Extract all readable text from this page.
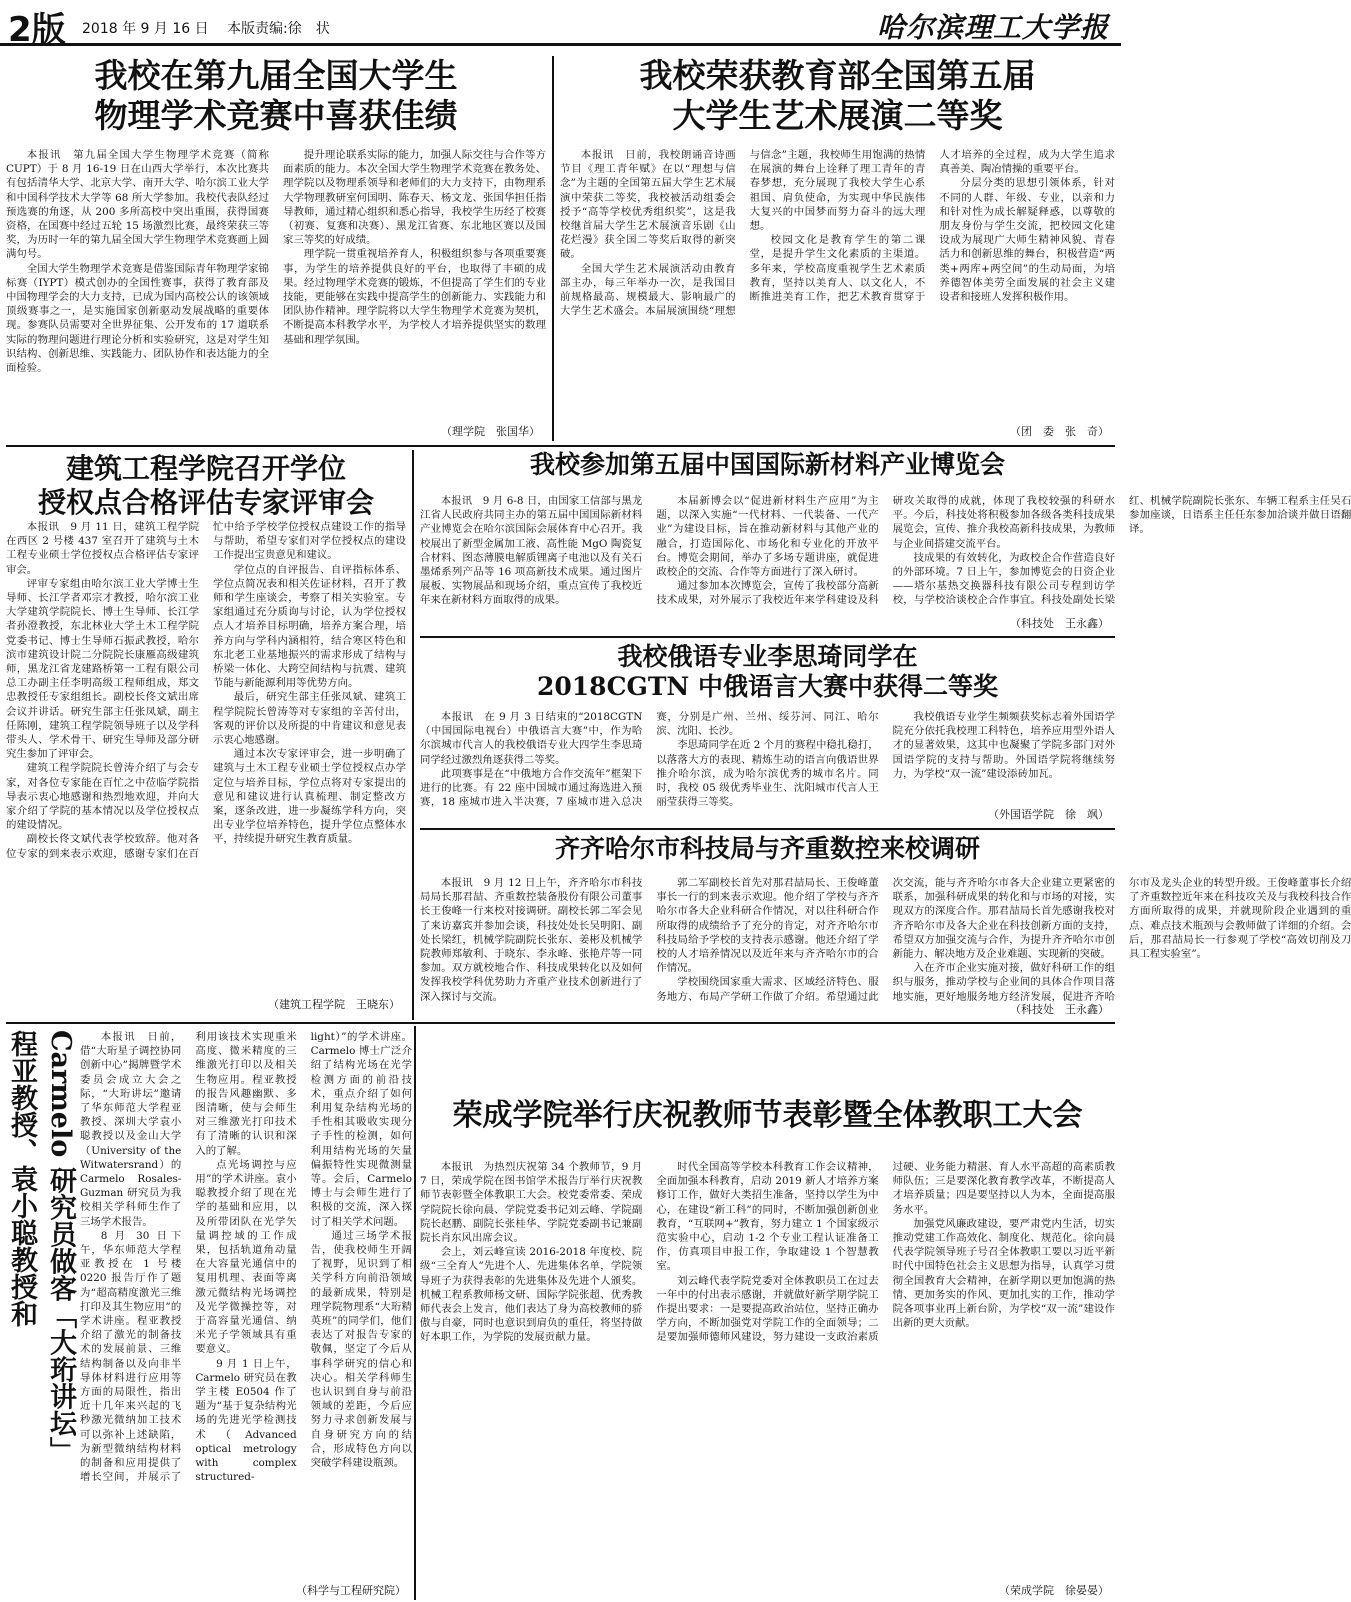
2版 2018 年 9 月 16 日 本版责编:徐　状	哈尔滨理工大学报
我校在第九届全国大学生
物理学术竞赛中喜获佳绩

本报讯　第九届全国大学生物理学术竞赛（简称CUPT）于 8 月 16-19 日在山西大学举行，本次比赛共有包括清华大学、北京大学、南开大学、哈尔滨工业大学和中国科学技术大学等 68 所大学参加。我校代表队经过预选赛的角逐，从 200 多所高校中突出重围，获得国赛资格，在国赛中经过五轮 15 场激烈比赛，最终荣获三等奖，为历时一年的第九届全国大学生物理学术竞赛画上圆满句号。

全国大学生物理学术竞赛是借鉴国际青年物理学家锦标赛（IYPT）模式创办的全国性赛事，获得了教育部及中国物理学会的大力支持，已成为国内高校公认的该领域顶级赛事之一，是实施国家创新驱动发展战略的重要体现。参赛队员需要对全世界征集、公开发布的 17 道联系实际的物理问题进行理论分析和实验研究，这是对学生知识结构、创新思维、实践能力、团队协作和表达能力的全面检验。

提升理论联系实际的能力，加强人际交往与合作等方面素质的能力。本次全国大学生物理学术竞赛在教务处、理学院以及物理系领导和老师们的大力支持下，由物理系大学物理教研室何国明、陈春天、杨文龙、张国华担任指导教师，通过精心组织和悉心指导，我校学生历经了校赛（初赛、复赛和决赛）、黑龙江省赛、东北地区赛以及国家三等奖的好成绩。

理学院一贯重视培养育人，积极组织参与各项重要赛事，为学生的培养提供良好的平台，也取得了丰硕的成果。经过物理学术竞赛的锻炼，不但提高了学生们的专业技能，更能够在实践中提高学生的创新能力、实践能力和团队协作精神。理学院将以大学生物理学术竞赛为契机，不断提高本科教学水平，为学校人才培养提供坚实的数理基础和理学氛围。

（理学院　张国华）
我校荣获教育部全国第五届
大学生艺术展演二等奖

本报讯　日前，我校朗诵音诗画节目《理工青年赋》在以“理想与信念”为主题的全国第五届大学生艺术展演中荣获二等奖，我校被活动组委会授予“高等学校优秀组织奖”，这是我校继首届大学生艺术展演音乐剧《山花烂漫》获全国二等奖后取得的新突破。

全国大学生艺术展演活动由教育部主办，每三年举办一次，是我国目前规格最高、规模最大、影响最广的大学生艺术盛会。本届展演围绕“理想与信念”主题，我校师生用饱满的热情在展演的舞台上诠释了理工青年的青春梦想，充分展现了我校大学生心系祖国、肩负使命，为实现中华民族伟大复兴的中国梦而努力奋斗的远大理想。

校园文化是教育学生的第二课堂，是提升学生文化素质的主渠道。多年来，学校高度重视学生艺术素质教育，坚持以美育人、以文化人，不断推进美育工作，把艺术教育贯穿于人才培养的全过程，成为大学生追求真善美、陶冶情操的重要平台。

分层分类的思想引领体系，针对不同的人群、年级、专业，以亲和力和针对性为成长解疑释惑，以尊敬的朋友身份与学生交流，把校园文化建设成为展现广大师生精神风貌、青春活力和创新思维的舞台，积极营造“两类+两库+两空间”的生动局面，为培养德智体美劳全面发展的社会主义建设者和接班人发挥积极作用。

（团　委　张　奇）
建筑工程学院召开学位
授权点合格评估专家评审会

本报讯　9 月 11 日，建筑工程学院在西区 2 号楼 437 室召开了建筑与土木工程专业硕士学位授权点合格评估专家评审会。

评审专家组由哈尔滨工业大学博士生导师、长江学者邓宗才教授，哈尔滨工业大学建筑学院院长、博士生导师、长江学者孙澄教授，东北林业大学土木工程学院党委书记、博士生导师石振武教授，哈尔滨市建筑设计院二分院院长康雁高级建筑师，黑龙江省龙建路桥第一工程有限公司总工办副主任李明高级工程师组成，郑文忠教授任专家组组长。副校长佟文斌出席会议并讲话。研究生部主任张凤斌，副主任陈刚，建筑工程学院领导班子以及学科带头人、学术骨干、研究生导师及部分研究生参加了评审会。

建筑工程学院院长曾涛介绍了与会专家，对各位专家能在百忙之中莅临学院指导表示衷心地感谢和热烈地欢迎，并向大家介绍了学院的基本情况以及学位授权点的建设情况。

副校长佟文斌代表学校致辞。他对各位专家的到来表示欢迎，感谢专家们在百忙中给予学校学位授权点建设工作的指导与帮助，希望专家们对学位授权点的建设工作提出宝贵意见和建议。

学位点的自评报告、自评指标体系、学位点简况表和相关佐证材料，召开了教师和学生座谈会，考察了相关实验室。专家组通过充分质询与讨论，认为学位授权点人才培养目标明确，培养方案合理，培养方向与学科内涵相符，结合寒区特色和东北老工业基地振兴的需求形成了结构与桥梁一体化、大跨空间结构与抗震、建筑节能与新能源利用等优势方向。

最后，研究生部主任张凤斌、建筑工程学院院长曾涛等对专家组的辛苦付出，客观的评价以及所提的中肯建议和意见表示衷心地感谢。

通过本次专家评审会，进一步明确了建筑与土木工程专业硕士学位授权点办学定位与培养目标，学位点将对专家提出的意见和建议进行认真梳理、制定整改方案，逐条改进，进一步凝练学科方向，突出专业学位培养特色，提升学位点整体水平，持续提升研究生教育质量。

（建筑工程学院　王晓东）
我校参加第五届中国国际新材料产业博览会

本报讯　9 月 6-8 日，由国家工信部与黑龙江省人民政府共同主办的第五届中国国际新材料产业博览会在哈尔滨国际会展体育中心召开。我校展出了新型金属加工液、高性能 MgO 陶瓷复合材料、图态薄膜电解质锂离子电池以及有关石墨烯系列产品等 16 项高新技术成果。通过图片展板、实物展品和现场介绍，重点宣传了我校近年来在新材料方面取得的成果。

本届新博会以“促进新材料生产应用”为主题，以深入实施“一代材料、一代装备、一代产业”为建设目标，旨在推动新材料与其他产业的融合，打造国际化、市场化和专业化的开放平台。博览会期间，举办了多场专题讲座，就促进政校企的交流、合作等方面进行了深入研讨。

通过参加本次博览会，宣传了我校部分高新技术成果，对外展示了我校近年来学科建设及科研攻关取得的成就，体现了我校较强的科研水平。今后，科技处将积极参加各级各类科技成果展览会，宣传、推介我校高新科技成果，为教师与企业间搭建交流平台。

技成果的有效转化，为政校企合作营造良好的外部环境。7 日上午，参加博览会的日资企业——塔尔基热交换器科技有限公司专程到访学校，与学校洽谈校企合作事宜。科技处副处长梁红、机械学院副院长张东、车辆工程系主任吴石参加座谈，日语系主任任东参加洽谈并做日语翻译。

（科技处　王永鑫）
我校俄语专业李思琦同学在
2018CGTN 中俄语言大赛中获得二等奖

本报讯　在 9 月 3 日结束的“2018CGTN（中国国际电视台）中俄语言大赛”中，作为哈尔滨城市代言人的我校俄语专业大四学生李思琦同学经过激烈角逐获得二等奖。

此项赛事是在“中俄地方合作交流年”框架下进行的比赛。有 22 座中国城市通过海选进入预赛，18 座城市进入半决赛，7 座城市进入总决赛，分别是广州、兰州、绥芬河、同江、哈尔滨、沈阳、长沙。

李思琦同学在近 2 个月的赛程中稳扎稳打，以落落大方的表现、精炼生动的语言向俄语世界推介哈尔滨，成为哈尔滨优秀的城市名片。同时，我校 05 级优秀毕业生、沈阳城市代言人王丽莹获得三等奖。

我校俄语专业学生频频获奖标志着外国语学院充分依托我校理工科特色，培养应用型外语人才的显著效果，这其中也凝聚了学院多部门对外国语学院的支持与帮助。外国语学院将继续努力，为学校“双一流”建设添砖加瓦。

（外国语学院　徐　飒）
齐齐哈尔市科技局与齐重数控来校调研

本报讯　9 月 12 日上午，齐齐哈尔市科技局局长那君喆、齐重数控装备股份有限公司董事长王俊峰一行来校对接调研。副校长郭二军会见了来访嘉宾并参加会谈，科技处处长吴明阳、副处长梁红，机械学院副院长张东、姜彬及机械学院教师郑敏利、于晓东、李永峰、张艳芹等一同参加。双方就校地合作、科技成果转化以及如何发挥我校学科优势助力齐重产业技术创新进行了深入探讨与交流。

郭二军副校长首先对那君喆局长、王俊峰董事长一行的到来表示欢迎。他介绍了学校与齐齐哈尔市各大企业科研合作情况，对以往科研合作所取得的成绩给予了充分的肯定，对齐齐哈尔市科技局给予学校的支持表示感谢。他还介绍了学校的人才培养情况以及近年来与齐齐哈尔市的合作情况。

学校围绕国家重大需求、区域经济特色、服务地方、布局产学研工作做了介绍。希望通过此次交流，能与齐齐哈尔市各大企业建立更紧密的联系，加强科研成果的转化和与市场的对接，实现双方的深度合作。那君喆局长首先感谢我校对齐齐哈尔市及各大企业在科技创新方面的支持，希望双方加强交流与合作，为提升齐齐哈尔市创新能力、解决地方及企业难题、实现新的突破。

入在齐市企业实施对接，做好科研工作的组织与服务，推动学校与企业间的具体合作项目落地实施，更好地服务地方经济发展，促进齐齐哈尔市及龙头企业的转型升级。王俊峰董事长介绍了齐重数控近年来在科技攻关及与我校科技合作方面所取得的成果，并就现阶段企业遇到的重点、难点技术瓶颈与会教师做了详细的介绍。会后，那君喆局长一行参观了学校“高效切削及刀具工程实验室”。

（科技处　王永鑫）
Carmelo 研究员做客「大珩讲坛」
程亚教授、袁小聪教授和	本报讯　日前，借“大珩星子调控协同创新中心”揭牌暨学术委员会成立大会之际，“大珩讲坛”邀请了华东师范大学程亚教授、深圳大学袁小聪教授以及金山大学（University of the Witwatersrand）的 Carmelo Rosales-Guzman 研究员为我校相关学科师生作了三场学术报告。

8 月 30 日下午，华东师范大学程亚教授在 1 号楼 0220 报告厅作了题为“超高精度激光三维打印及其生物应用”的学术讲座。程亚教授介绍了激光的制备技术的发展前景、三维结构制备以及向非半导体材料进行应用等方面的局限性，指出近十几年来兴起的飞秒激光微纳加工技术可以弥补上述缺陷，为新型微纳结构材料的制备和应用提供了增长空间，并展示了利用该技术实现重米高度、微米精度的三维激光打印以及相关生物应用。程亚教授的报告风趣幽默、多图清晰，使与会师生对三维激光打印技术有了清晰的认识和深入的了解。

点光场调控与应用”的学术讲座。袁小聪教授介绍了现在光学的基础和应用，以及所带团队在光学矢量调控域的工作成果，包括轨道角动量在大容量光通信中的复用机理、表面等离激元微结构光场调控及光学微操控等，对于高容量光通信、纳米光子学领域具有重要意义。

9 月 1 日上午，Carmelo 研究员在教学主楼 E0504 作了题为“基于复杂结构光场的先进光学检测技术（Advanced optical metrology with complex structured-light）”的学术讲座。Carmelo 博士广泛介绍了结构光场在光学检测方面的前沿技术，重点介绍了如何利用复杂结构光场的手性相其吸收实现分子手性的检测，如何利用结构光场的矢量偏振特性实现微测量等。会后，Carmelo 博士与会师生进行了积极的交流，深入探讨了相关学术问题。

通过三场学术报告，使我校师生开阔了视野，见识到了相关学科方向前沿领域的最新成果，特别是理学院物理系“大珩精英班”的同学们，他们表达了对报告专家的敬佩，坚定了今后从事科学研究的信心和决心。相关学科师生也认识到自身与前沿领域的差距，今后应努力寻求创新发展与自身研究方向的结合，形成特色方向以突破学科建设瓶颈。

（科学与工程研究院）
荣成学院举行庆祝教师节表彰暨全体教职工大会

本报讯　为热烈庆祝第 34 个教师节，9 月 7 日，荣成学院在图书馆学术报告厅举行庆祝教师节表彰暨全体教职工大会。校党委常委、荣成学院院长徐向晨、学院党委书记刘云峰、学院副院长赵鹏、副院长张桂华、学院党委副书记兼副院长肖东风出席会议。

会上，刘云峰宣读 2016-2018 年度校、院级“三全育人”先进个人、先进集体名单，学院领导班子为获得表彰的先进集体及先进个人颁奖。机械工程系教师杨文研、国际学院张超、优秀教师代表会上发言，他们表达了身为高校教师的骄傲与自豪，同时也意识到肩负的重任，将坚持做好本职工作，为学院的发展贡献力量。

时代全国高等学校本科教育工作会议精神，全面加强本科教育，启动 2019 新人才培养方案修订工作，做好大类招生准备，坚持以学生为中心，在建设“新工科”的同时，不断加强创新创业教育，“互联网+”教育，努力建立 1 个国家级示范实验中心，启动 1-2 个专业工程认证准备工作，仿真项目申报工作，争取建设 1 个智慧教室。

刘云峰代表学院党委对全体教职员工在过去一年中的付出表示感谢，并就做好新学期学院工作提出要求：一是要提高政治站位，坚持正确办学方向，不断加强党对学院工作的全面领导；二是要加强师德师风建设，努力建设一支政治素质过硬、业务能力精湛、育人水平高超的高素质教师队伍；三是要深化教育教学改革，不断提高人才培养质量；四是要坚持以人为本，全面提高服务水平。

加强党风廉政建设，要严肃党内生活，切实推动党建工作高效化、制度化、规范化。徐向晨代表学院领导班子号召全体教职工要以习近平新时代中国特色社会主义思想为指导，认真学习贯彻全国教育大会精神，在新学期以更加饱满的热情、更加务实的作风、更加扎实的工作，推动学院各项事业再上新台阶，为学校“双一流”建设作出新的更大贡献。

（荣成学院　徐晏晏）
